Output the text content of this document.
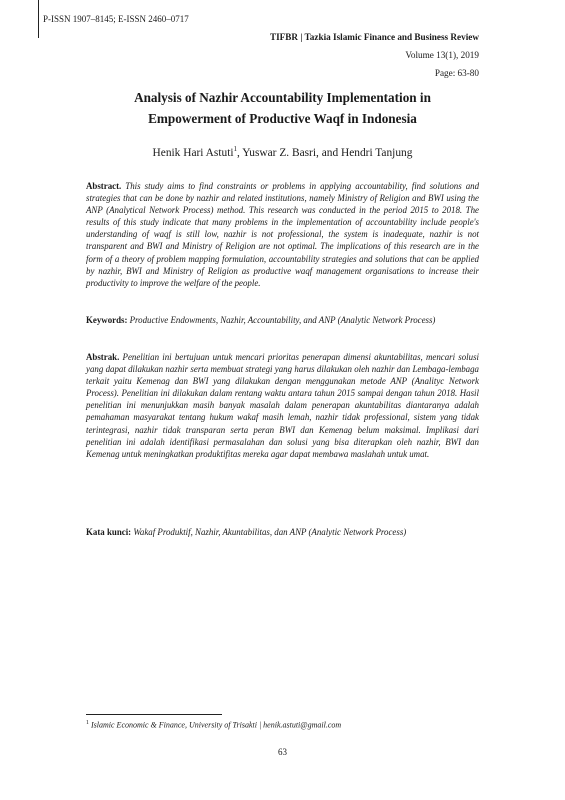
P-ISSN 1907–8145; E-ISSN 2460–0717
TIFBR | Tazkia Islamic Finance and Business Review
Volume 13(1), 2019
Page: 63-80
Analysis of Nazhir Accountability Implementation in
Empowerment of Productive Waqf in Indonesia
Henik Hari Astuti$^1$, Yuswar Z. Basri, and Hendri Tanjung
Abstract. This study aims to find constraints or problems in applying accountability, find solutions and strategies that can be done by nazhir and related institutions, namely Ministry of Religion and BWI using the ANP (Analytical Network Process) method. This research was conducted in the period 2015 to 2018. The results of this study indicate that many problems in the implementation of accountability include people's understanding of waqf is still low, nazhir is not professional, the system is inadequate, nazhir is not transparent and BWI and Ministry of Religion are not optimal. The implications of this research are in the form of a theory of problem mapping formulation, accountability strategies and solutions that can be applied by nazhir, BWI and Ministry of Religion as productive waqf management organisations to increase their productivity to improve the welfare of the people.
Keywords: Productive Endowments, Nazhir, Accountability, and ANP (Analytic Network Process)
Abstrak. Penelitian ini bertujuan untuk mencari prioritas penerapan dimensi akuntabilitas, mencari solusi yang dapat dilakukan nazhir serta membuat strategi yang harus dilakukan oleh nazhir dan Lembaga-lembaga terkait yaitu Kemenag dan BWI yang dilakukan dengan menggunakan metode ANP (Analityc Network Process). Penelitian ini dilakukan dalam rentang waktu antara tahun 2015 sampai dengan tahun 2018. Hasil penelitian ini menunjukkan masih banyak masalah dalam penerapan akuntabilitas diantaranya adalah pemahaman masyarakat tentang hukum wakaf masih lemah, nazhir tidak professional, sistem yang tidak terintegrasi, nazhir tidak transparan serta peran BWI dan Kemenag belum maksimal. Implikasi dari penelitian ini adalah identifikasi permasalahan dan solusi yang bisa diterapkan oleh nazhir, BWI dan Kemenag untuk meningkatkan produktifitas mereka agar dapat membawa maslahah untuk umat.
Kata kunci: Wakaf Produktif, Nazhir, Akuntabilitas, dan ANP (Analytic Network Process)
$^1$ Islamic Economic & Finance, University of Trisakti | henik.astuti@gmail.com
63
